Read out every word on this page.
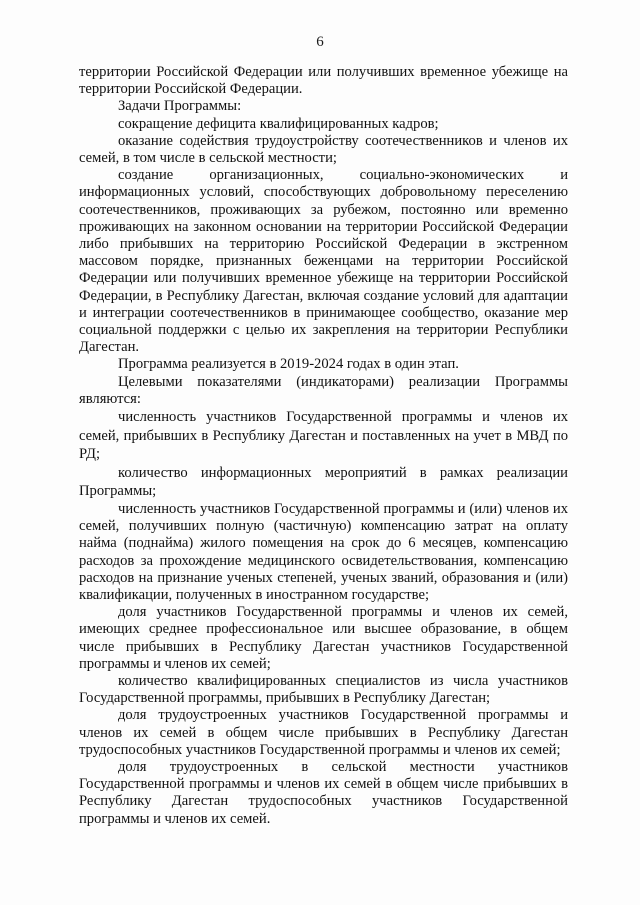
6

территории Российской Федерации или получивших временное убежище на территории Российской Федерации.

Задачи Программы:

сокращение дефицита квалифицированных кадров;

оказание содействия трудоустройству соотечественников и членов их семей, в том числе в сельской местности;

создание организационных, социально-экономических и информационных условий, способствующих добровольному переселению соотечественников, проживающих за рубежом, постоянно или временно проживающих на законном основании на территории Российской Федерации либо прибывших на территорию Российской Федерации в экстренном массовом порядке, признанных беженцами на территории Российской Федерации или получивших временное убежище на территории Российской Федерации, в Республику Дагестан, включая создание условий для адаптации и интеграции соотечественников в принимающее сообщество, оказание мер социальной поддержки с целью их закрепления на территории Республики Дагестан.

Программа реализуется в 2019-2024 годах в один этап.

Целевыми показателями (индикаторами) реализации Программы являются:

численность участников Государственной программы и членов их семей, прибывших в Республику Дагестан и поставленных на учет в МВД по РД;

количество информационных мероприятий в рамках реализации Программы;

численность участников Государственной программы и (или) членов их семей, получивших полную (частичную) компенсацию затрат на оплату найма (поднайма) жилого помещения на срок до 6 месяцев, компенсацию расходов за прохождение медицинского освидетельствования, компенсацию расходов на признание ученых степеней, ученых званий, образования и (или) квалификации, полученных в иностранном государстве;

доля участников Государственной программы и членов их семей, имеющих среднее профессиональное или высшее образование, в общем числе прибывших в Республику Дагестан участников Государственной программы и членов их семей;

количество квалифицированных специалистов из числа участников Государственной программы, прибывших в Республику Дагестан;

доля трудоустроенных участников Государственной программы и членов их семей в общем числе прибывших в Республику Дагестан трудоспособных участников Государственной программы и членов их семей;

доля трудоустроенных в сельской местности участников Государственной программы и членов их семей в общем числе прибывших в Республику Дагестан трудоспособных участников Государственной программы и членов их семей.
